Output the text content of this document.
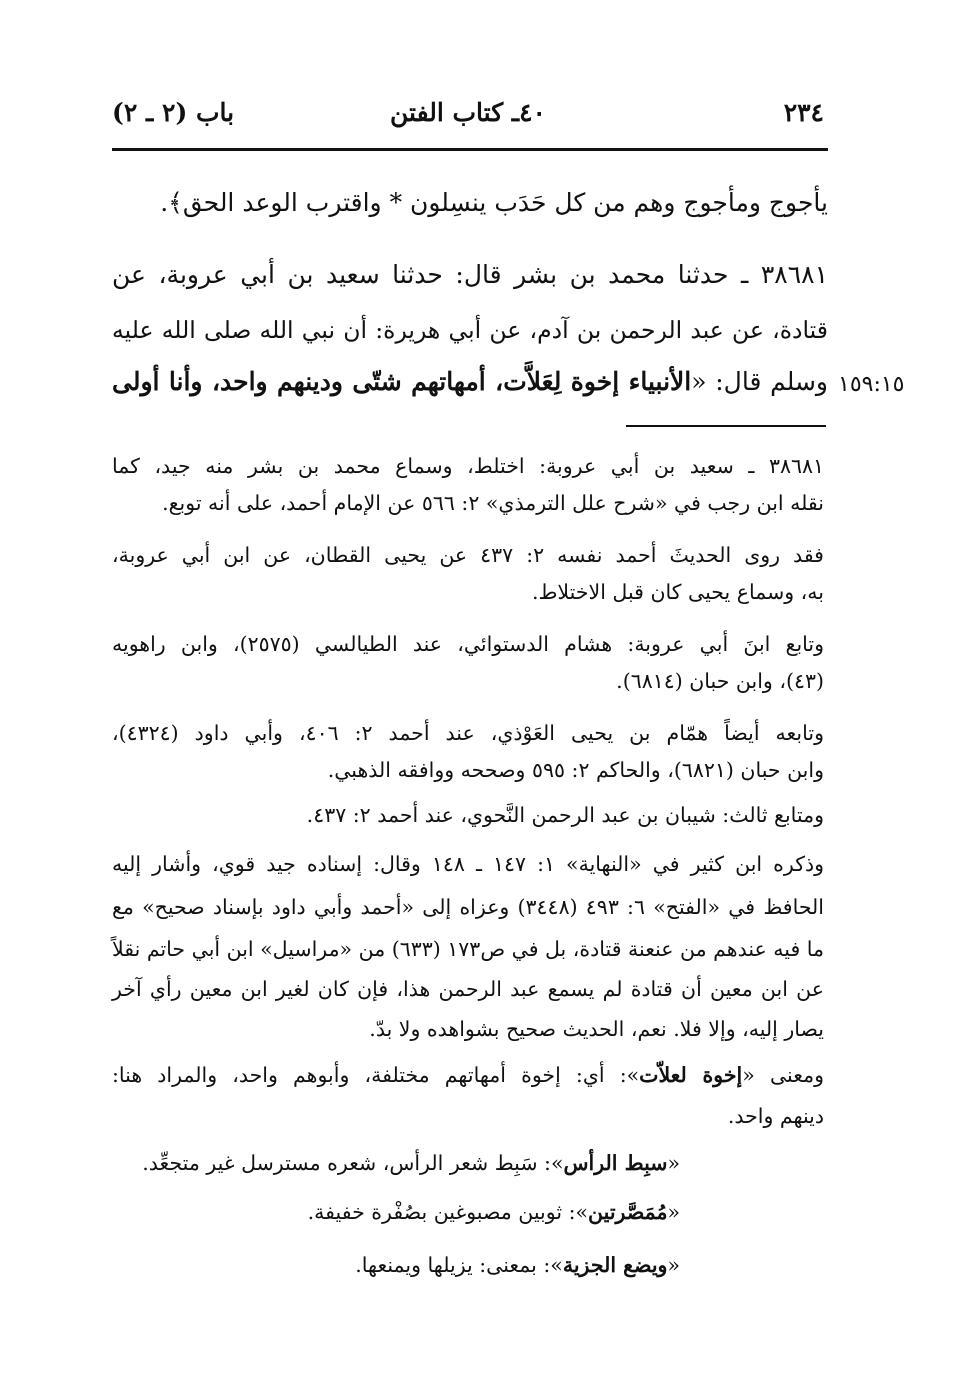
٢٣٤
٤٠ـ كتاب الفتن
باب (٢ ـ ٢)
يأجوج ومأجوج وهم من كل حَدَب ينسِلون * واقترب الوعد الحق﴾.
٣٨٦٨١ ـ حدثنا محمد بن بشر قال: حدثنا سعيد بن أبي عروبة، عن
قتادة، عن عبد الرحمن بن آدم، عن أبي هريرة: أن نبي الله صلى الله عليه
وسلم قال: «الأنبياء إخوة لِعَلاَّت، أمهاتهم شتّى ودينهم واحد، وأنا أولى	١٥٩:١٥
٣٨٦٨١ ـ سعيد بن أبي عروبة: اختلط، وسماع محمد بن بشر منه جيد، كما
نقله ابن رجب في «شرح علل الترمذي» ٢: ٥٦٦ عن الإمام أحمد، على أنه توبع.
فقد روى الحديثَ أحمد نفسه ٢: ٤٣٧ عن يحيى القطان، عن ابن أبي عروبة،
به، وسماع يحيى كان قبل الاختلاط.
وتابع ابنَ أبي عروبة: هشام الدستوائي، عند الطيالسي (٢٥٧٥)، وابن راهويه
(٤٣)، وابن حبان (٦٨١٤).
وتابعه أيضاً همّام بن يحيى العَوْذي، عند أحمد ٢: ٤٠٦، وأبي داود (٤٣٢٤)،
وابن حبان (٦٨٢١)، والحاكم ٢: ٥٩٥ وصححه ووافقه الذهبي.
ومتابع ثالث: شيبان بن عبد الرحمن النَّحوي، عند أحمد ٢: ٤٣٧.
وذكره ابن كثير في «النهاية» ١: ١٤٧ ـ ١٤٨ وقال: إسناده جيد قوي، وأشار إليه
الحافظ في «الفتح» ٦: ٤٩٣ (٣٤٤٨) وعزاه إلى «أحمد وأبي داود بإسناد صحيح» مع
ما فيه عندهم من عنعنة قتادة، بل في ص١٧٣ (٦٣٣) من «مراسيل» ابن أبي حاتم نقلاً
عن ابن معين أن قتادة لم يسمع عبد الرحمن هذا، فإن كان لغير ابن معين رأي آخر
يصار إليه، وإلا فلا. نعم، الحديث صحيح بشواهده ولا بدّ.
ومعنى «إخوة لعلاّت»: أي: إخوة أمهاتهم مختلفة، وأبوهم واحد، والمراد هنا:
دينهم واحد.
«سبِط الرأس»: سَبِط شعر الرأس، شعره مسترسل غير متجعِّد.
«مُمَصَّرتين»: ثوبين مصبوغين بصُفْرة خفيفة.
«ويضع الجزية»: بمعنى: يزيلها ويمنعها.
